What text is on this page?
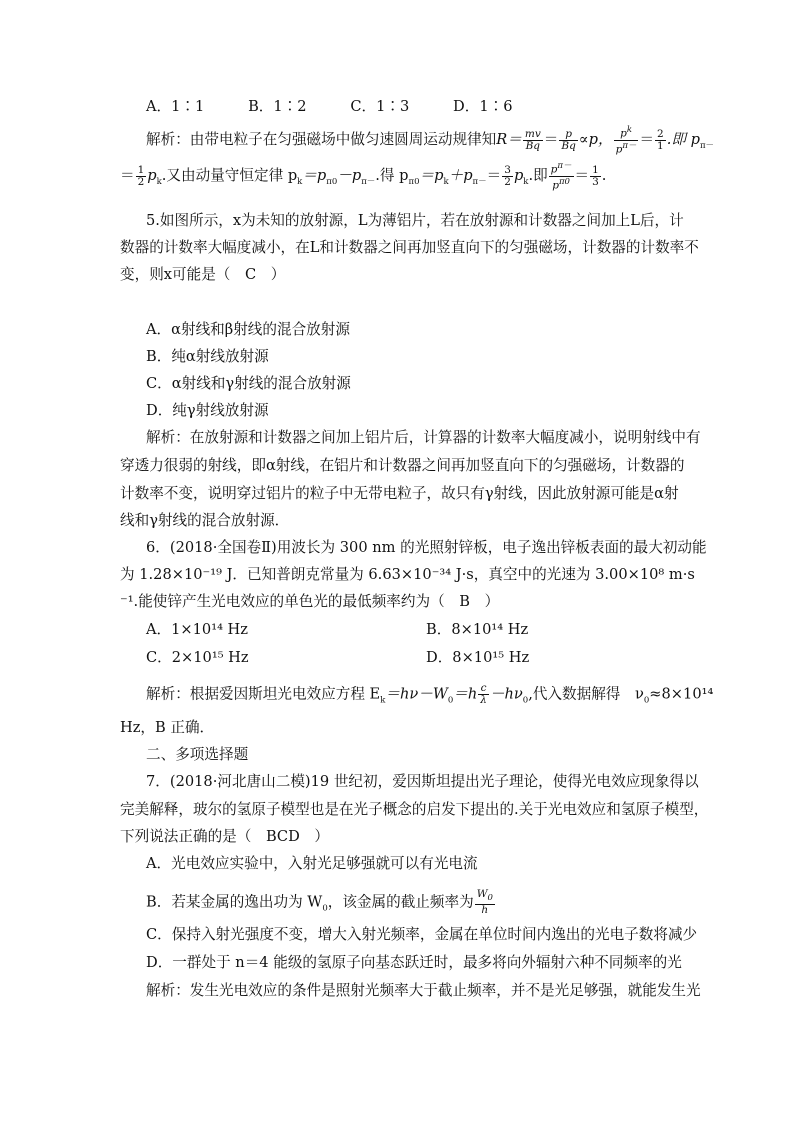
A．1∶1　　　B．1∶2　　　C．1∶3　　　D．1∶6
解析：由带电粒子在匀强磁场中做匀速圆周运动规律知$R= \frac{mv}{Bq} = \frac{p}{Bq} \propto p$， $\frac{p^k}{p^{\pi-}} = \frac{2}{1}$ .即 $p_{\pi-}$
＝ $\frac{1}{2} p_k$.又由动量守恒定律 $p_k=p_{\pi 0}-p_{\pi-}$.得 $p_{\pi 0}=p_k+p_{\pi-}= \frac{3}{2} p_k$.即 $\frac{p^{\pi-}}{p^{\pi 0}} = \frac{1}{3}$ .
5.如图所示，x为未知的放射源，L为薄铝片，若在放射源和计数器之间加上L后，计
数器的计数率大幅度减小，在L和计数器之间再加竖直向下的匀强磁场，计数器的计数率不
变，则x可能是（　C　）
A．α射线和β射线的混合放射源
B．纯α射线放射源
C．α射线和γ射线的混合放射源
D．纯γ射线放射源
解析：在放射源和计数器之间加上铝片后，计算器的计数率大幅度减小，说明射线中有
穿透力很弱的射线，即α射线，在铝片和计数器之间再加竖直向下的匀强磁场，计数器的
计数率不变，说明穿过铝片的粒子中无带电粒子，故只有γ射线，因此放射源可能是α射
线和γ射线的混合放射源．
6．(2018·全国卷Ⅱ)用波长为 300 nm 的光照射锌板，电子逸出锌板表面的最大初动能
为 1.28×10⁻¹⁹ J．已知普朗克常量为 6.63×10⁻³⁴ J·s，真空中的光速为 3.00×10⁸ m·s
⁻¹.能使锌产生光电效应的单色光的最低频率约为（　B　）
A．1×10¹⁴ Hz	B．8×10¹⁴ Hz
C．2×10¹⁵ Hz	D．8×10¹⁵ Hz
解析：根据爱因斯坦光电效应方程 $E_k=h\nu-W_0=h \frac{c}{\lambda} -h\nu_0$,代入数据解得　$\nu_0\approx 8\times 10^{14}$
Hz，B 正确．
二、多项选择题
7．(2018·河北唐山二模)19 世纪初，爱因斯坦提出光子理论，使得光电效应现象得以
完美解释，玻尔的氢原子模型也是在光子概念的启发下提出的.关于光电效应和氢原子模型，
下列说法正确的是（　BCD　）
A．光电效应实验中，入射光足够强就可以有光电流
B．若某金属的逸出功为 $W_0$，该金属的截止频率为 $\frac{W_0}{h}$
C．保持入射光强度不变，增大入射光频率，金属在单位时间内逸出的光电子数将减少
D．一群处于 n＝4 能级的氢原子向基态跃迁时，最多将向外辐射六种不同频率的光
解析：发生光电效应的条件是照射光频率大于截止频率，并不是光足够强，就能发生光
